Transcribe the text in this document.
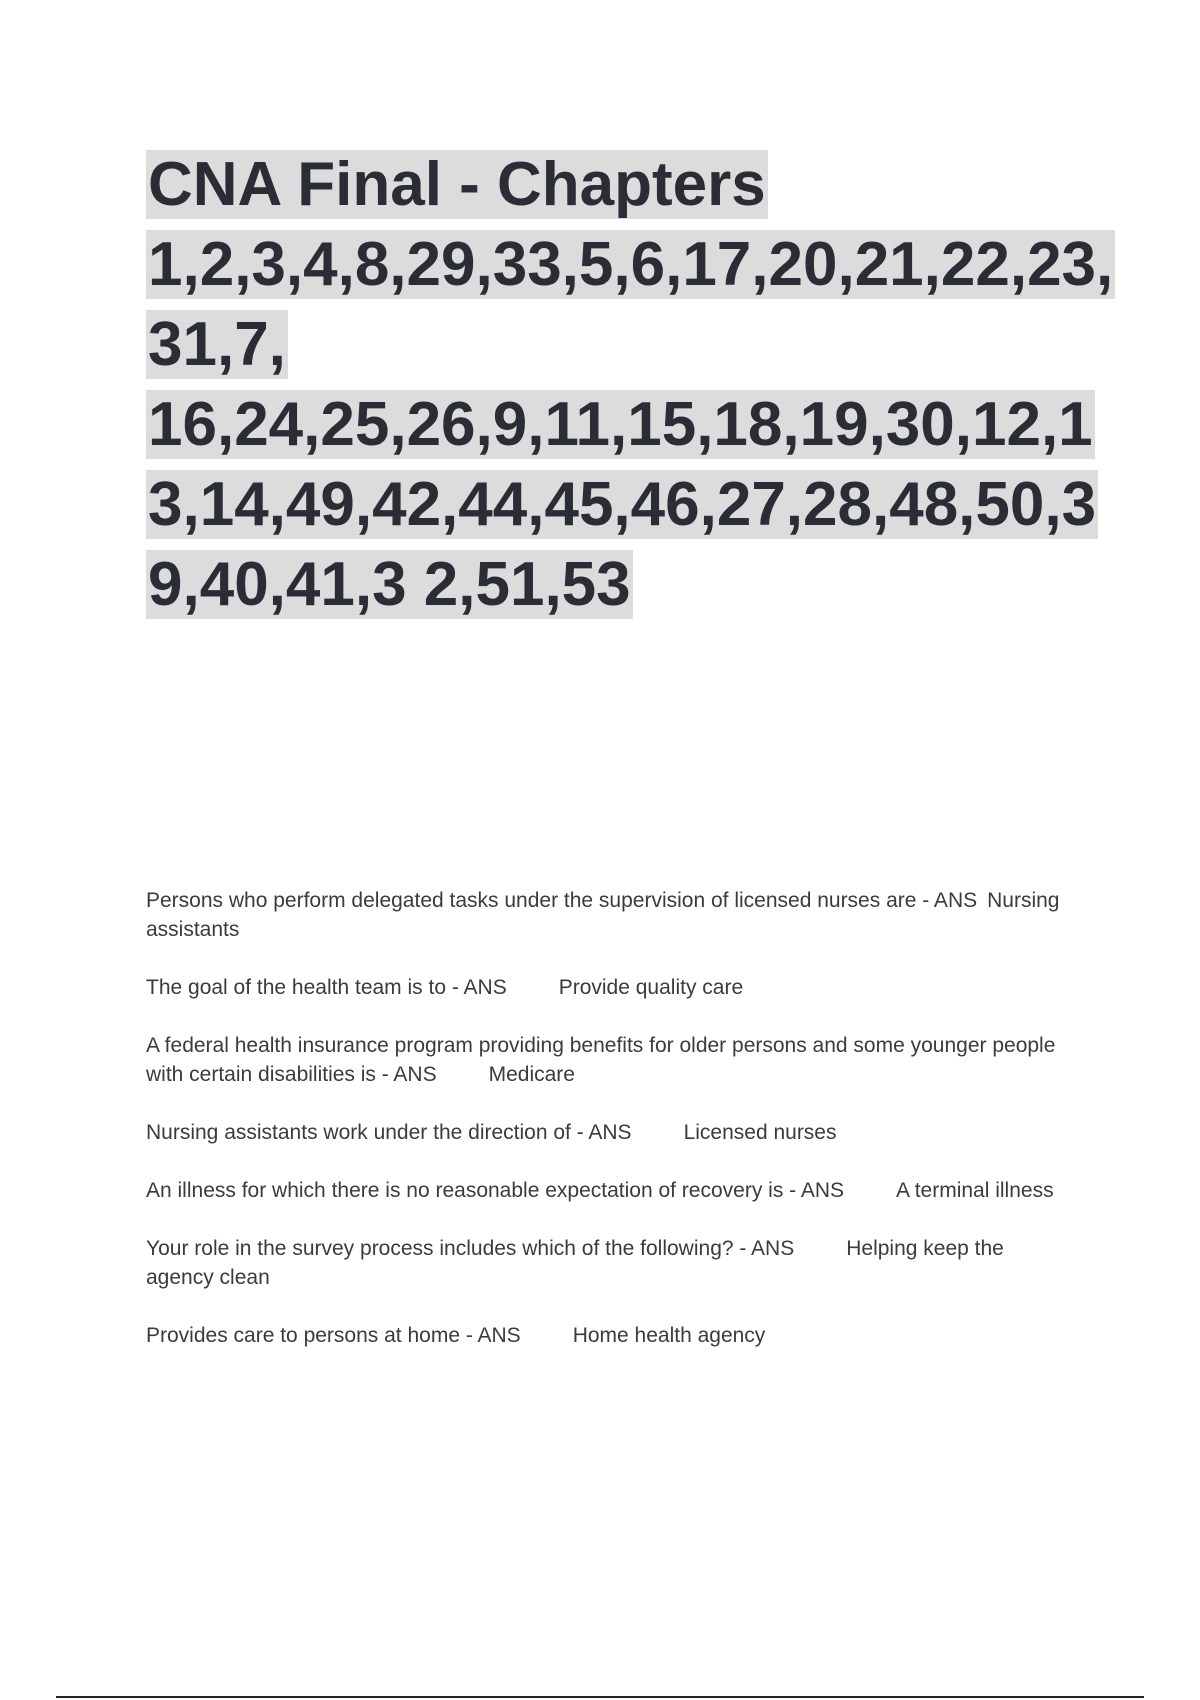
CNA Final - Chapters
1,2,3,4,8,29,33,5,6,17,20,21,22,23,
31,7,
16,24,25,26,9,11,15,18,19,30,12,1
3,14,49,42,44,45,46,27,28,48,50,3
9,40,41,3 2,51,53
Persons who perform delegated tasks under the supervision of licensed nurses are - ANS Nursing assistants
The goal of the health team is to - ANS Provide quality care
A federal health insurance program providing benefits for older persons and some younger people with certain disabilities is - ANS Medicare
Nursing assistants work under the direction of - ANS Licensed nurses
An illness for which there is no reasonable expectation of recovery is - ANS A terminal illness
Your role in the survey process includes which of the following? - ANS Helping keep the agency clean
Provides care to persons at home - ANS Home health agency
